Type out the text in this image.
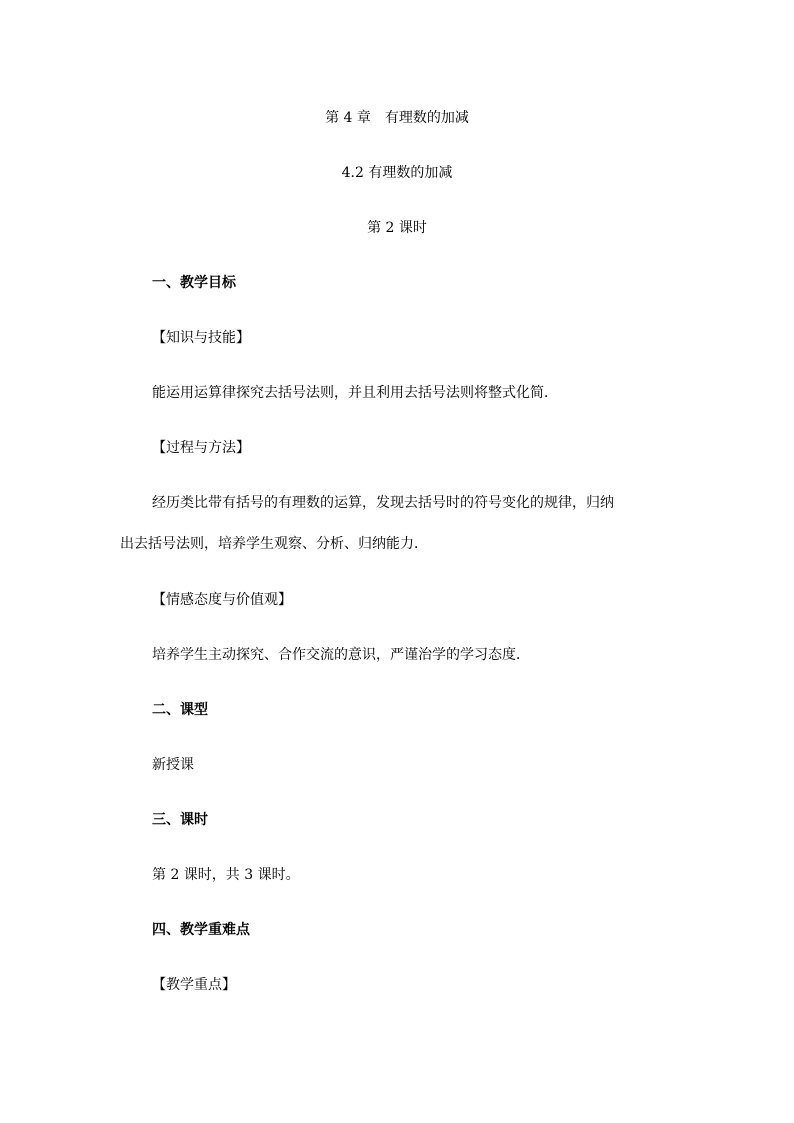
第 4 章　有理数的加减
4.2 有理数的加减
第 2 课时
一、教学目标
【知识与技能】
能运用运算律探究去括号法则，并且利用去括号法则将整式化简．
【过程与方法】
经历类比带有括号的有理数的运算，发现去括号时的符号变化的规律，归纳
出去括号法则，培养学生观察、分析、归纳能力．
【情感态度与价值观】
培养学生主动探究、合作交流的意识，严谨治学的学习态度．
二、课型
新授课
三、课时
第 2 课时，共 3 课时。
四、教学重难点
【教学重点】
